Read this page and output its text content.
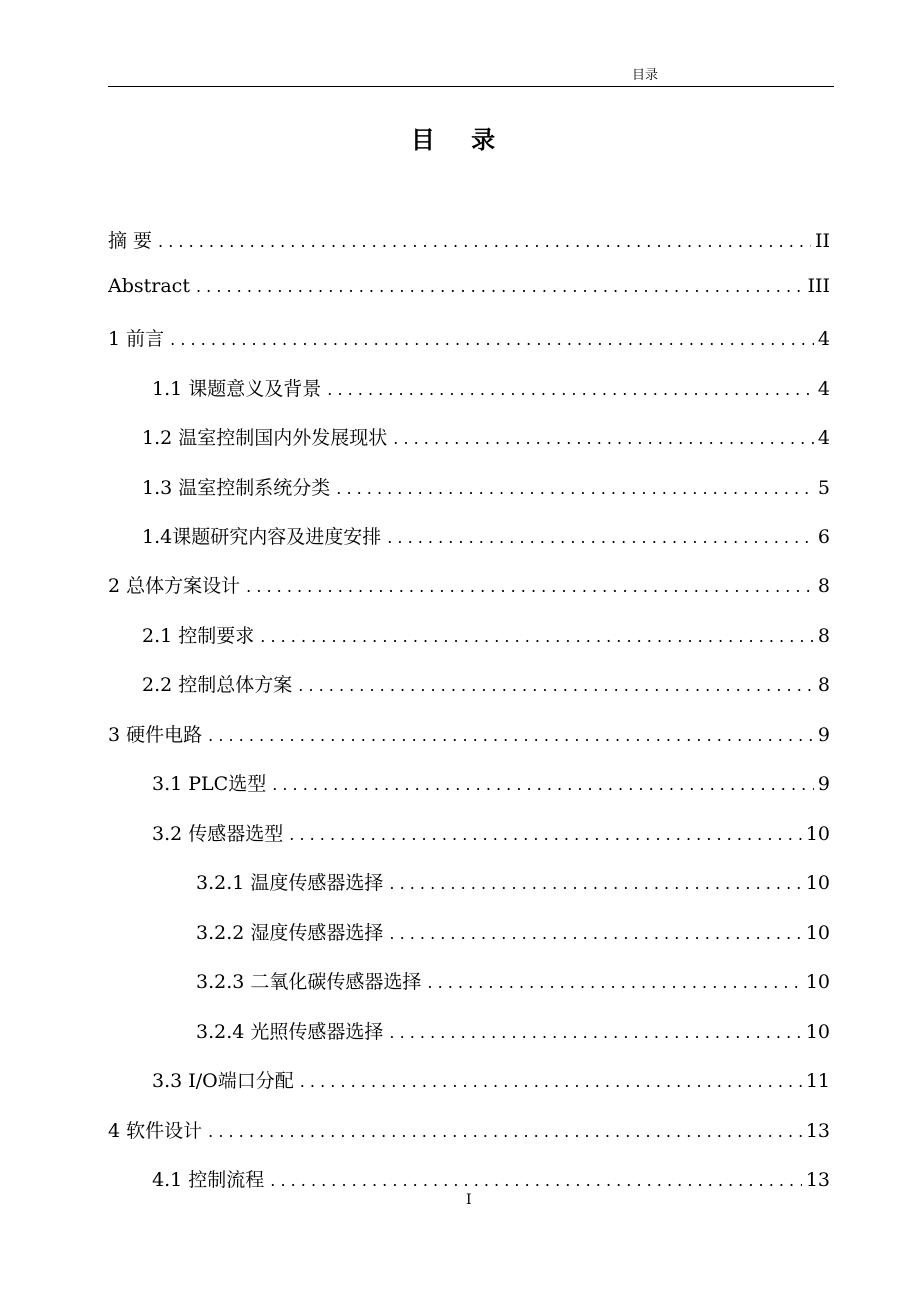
目录
目 录
摘 要 . . .	II
Abstract . . .	III
1 前言 . . .	4
1.1 课题意义及背景 . . .	4
1.2 温室控制国内外发展现状 . . .	4
1.3 温室控制系统分类 . . .	5
1.4课题研究内容及进度安排 . . .	6
2 总体方案设计 . . .	8
2.1 控制要求 . . .	8
2.2 控制总体方案 . . .	8
3 硬件电路 . . .	9
3.1 PLC选型 . . .	9
3.2 传感器选型 . . .	10
3.2.1 温度传感器选择 . . .	10
3.2.2 湿度传感器选择 . . .	10
3.2.3 二氧化碳传感器选择 . . .	10
3.2.4 光照传感器选择 . . .	10
3.3 I/O端口分配 . . .	11
4 软件设计 . . .	13
4.1 控制流程 . . .	13
I
